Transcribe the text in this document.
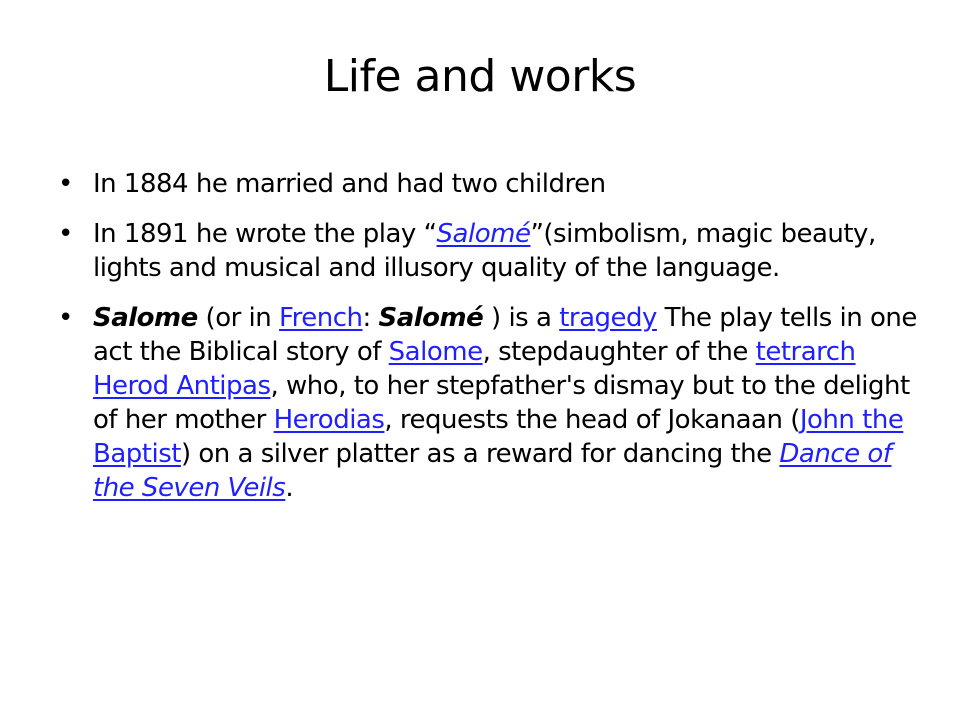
Life and works
• In 1884 he married and had two children
• In 1891 he wrote the play “Salomé”(simbolism, magic beauty, lights and musical and illusory quality of the language.
• Salome (or in French: Salomé ) is a tragedy The play tells in one act the Biblical story of Salome, stepdaughter of the tetrarch Herod Antipas, who, to her stepfather's dismay but to the delight of her mother Herodias, requests the head of Jokanaan (John the Baptist) on a silver platter as a reward for dancing the Dance of the Seven Veils.
